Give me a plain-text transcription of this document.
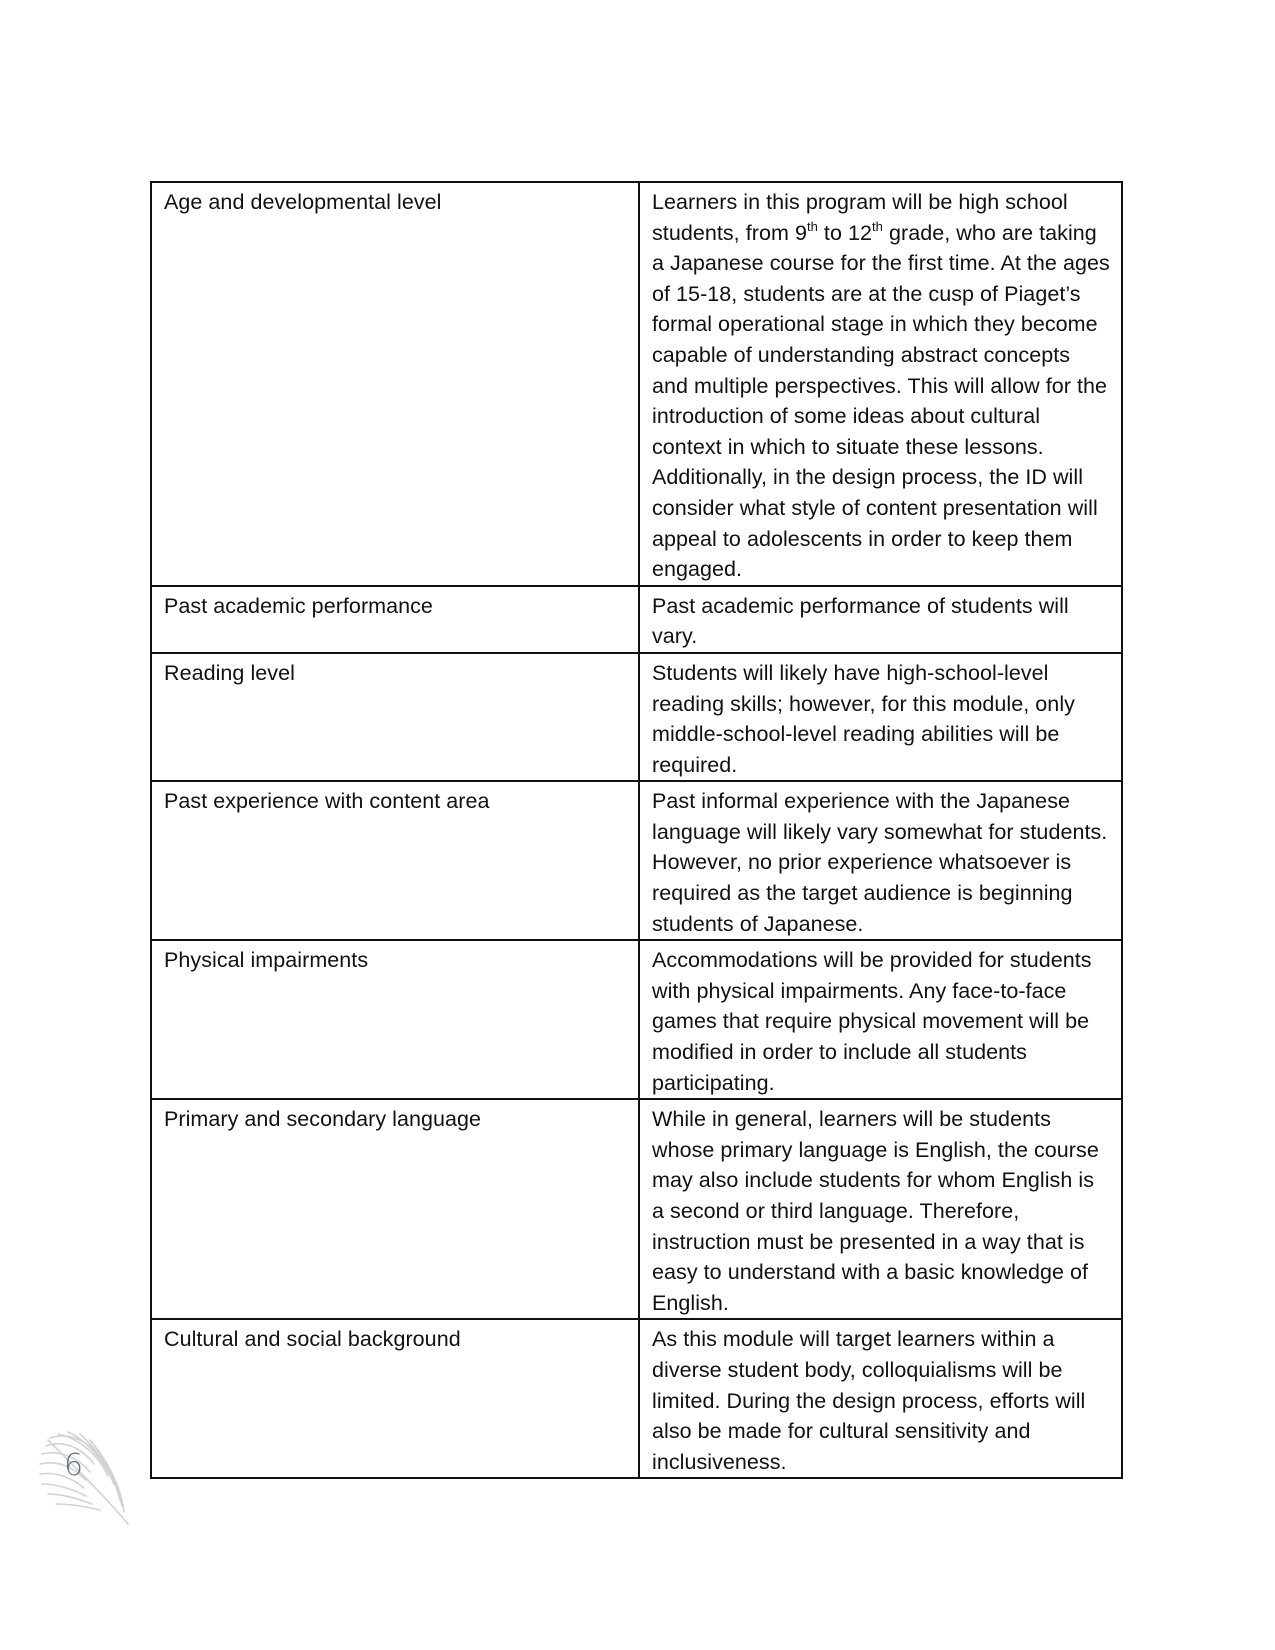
Age and developmental level	Learners in this program will be high school students, from 9th to 12th grade, who are taking a Japanese course for the first time. At the ages of 15-18, students are at the cusp of Piaget’s formal operational stage in which they become capable of understanding abstract concepts and multiple perspectives. This will allow for the introduction of some ideas about cultural context in which to situate these lessons. Additionally, in the design process, the ID will consider what style of content presentation will appeal to adolescents in order to keep them engaged.
Past academic performance	Past academic performance of students will vary.
Reading level	Students will likely have high-school-level reading skills; however, for this module, only middle-school-level reading abilities will be required.
Past experience with content area	Past informal experience with the Japanese language will likely vary somewhat for students. However, no prior experience whatsoever is required as the target audience is beginning students of Japanese.
Physical impairments	Accommodations will be provided for students with physical impairments. Any face-to-face games that require physical movement will be modified in order to include all students participating.
Primary and secondary language	While in general, learners will be students whose primary language is English, the course may also include students for whom English is a second or third language. Therefore, instruction must be presented in a way that is easy to understand with a basic knowledge of English.
Cultural and social background	As this module will target learners within a diverse student body, colloquialisms will be limited. During the design process, efforts will also be made for cultural sensitivity and inclusiveness.
6
